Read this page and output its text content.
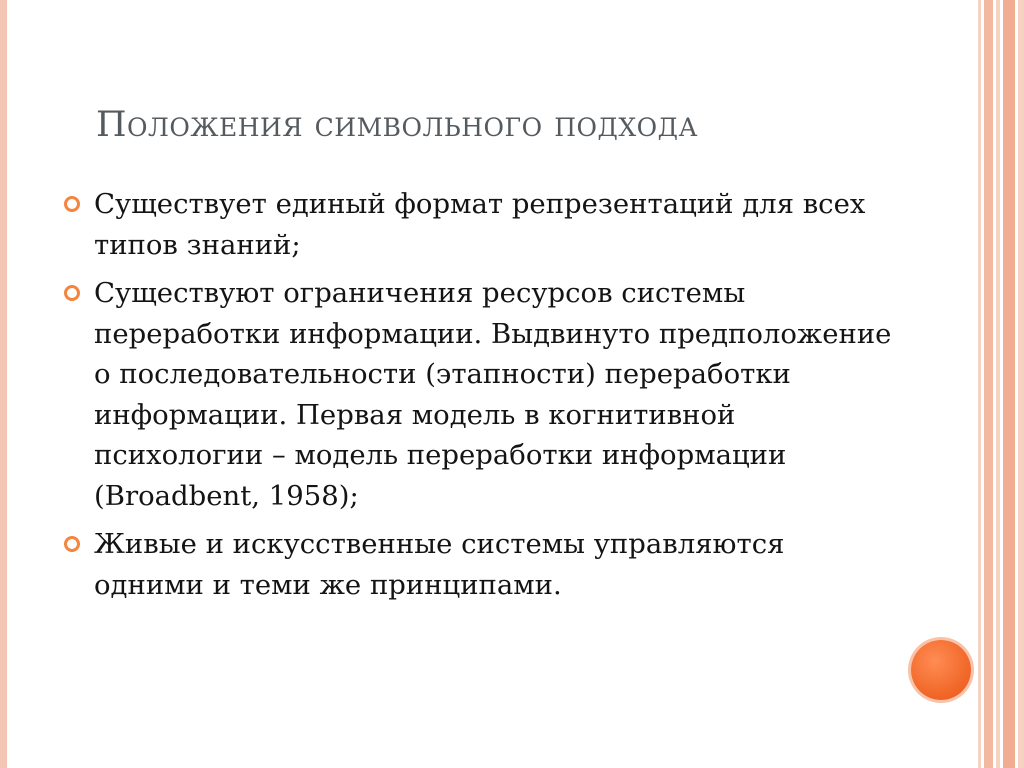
Положения символьного подхода
Существует единый формат репрезентаций для всех типов знаний;
Существуют ограничения ресурсов системы переработки информации. Выдвинуто предположение о последовательности (этапности) переработки информации. Первая модель в когнитивной психологии – модель переработки информации (Broadbent, 1958);
Живые и искусственные системы управляются одними и теми же принципами.
